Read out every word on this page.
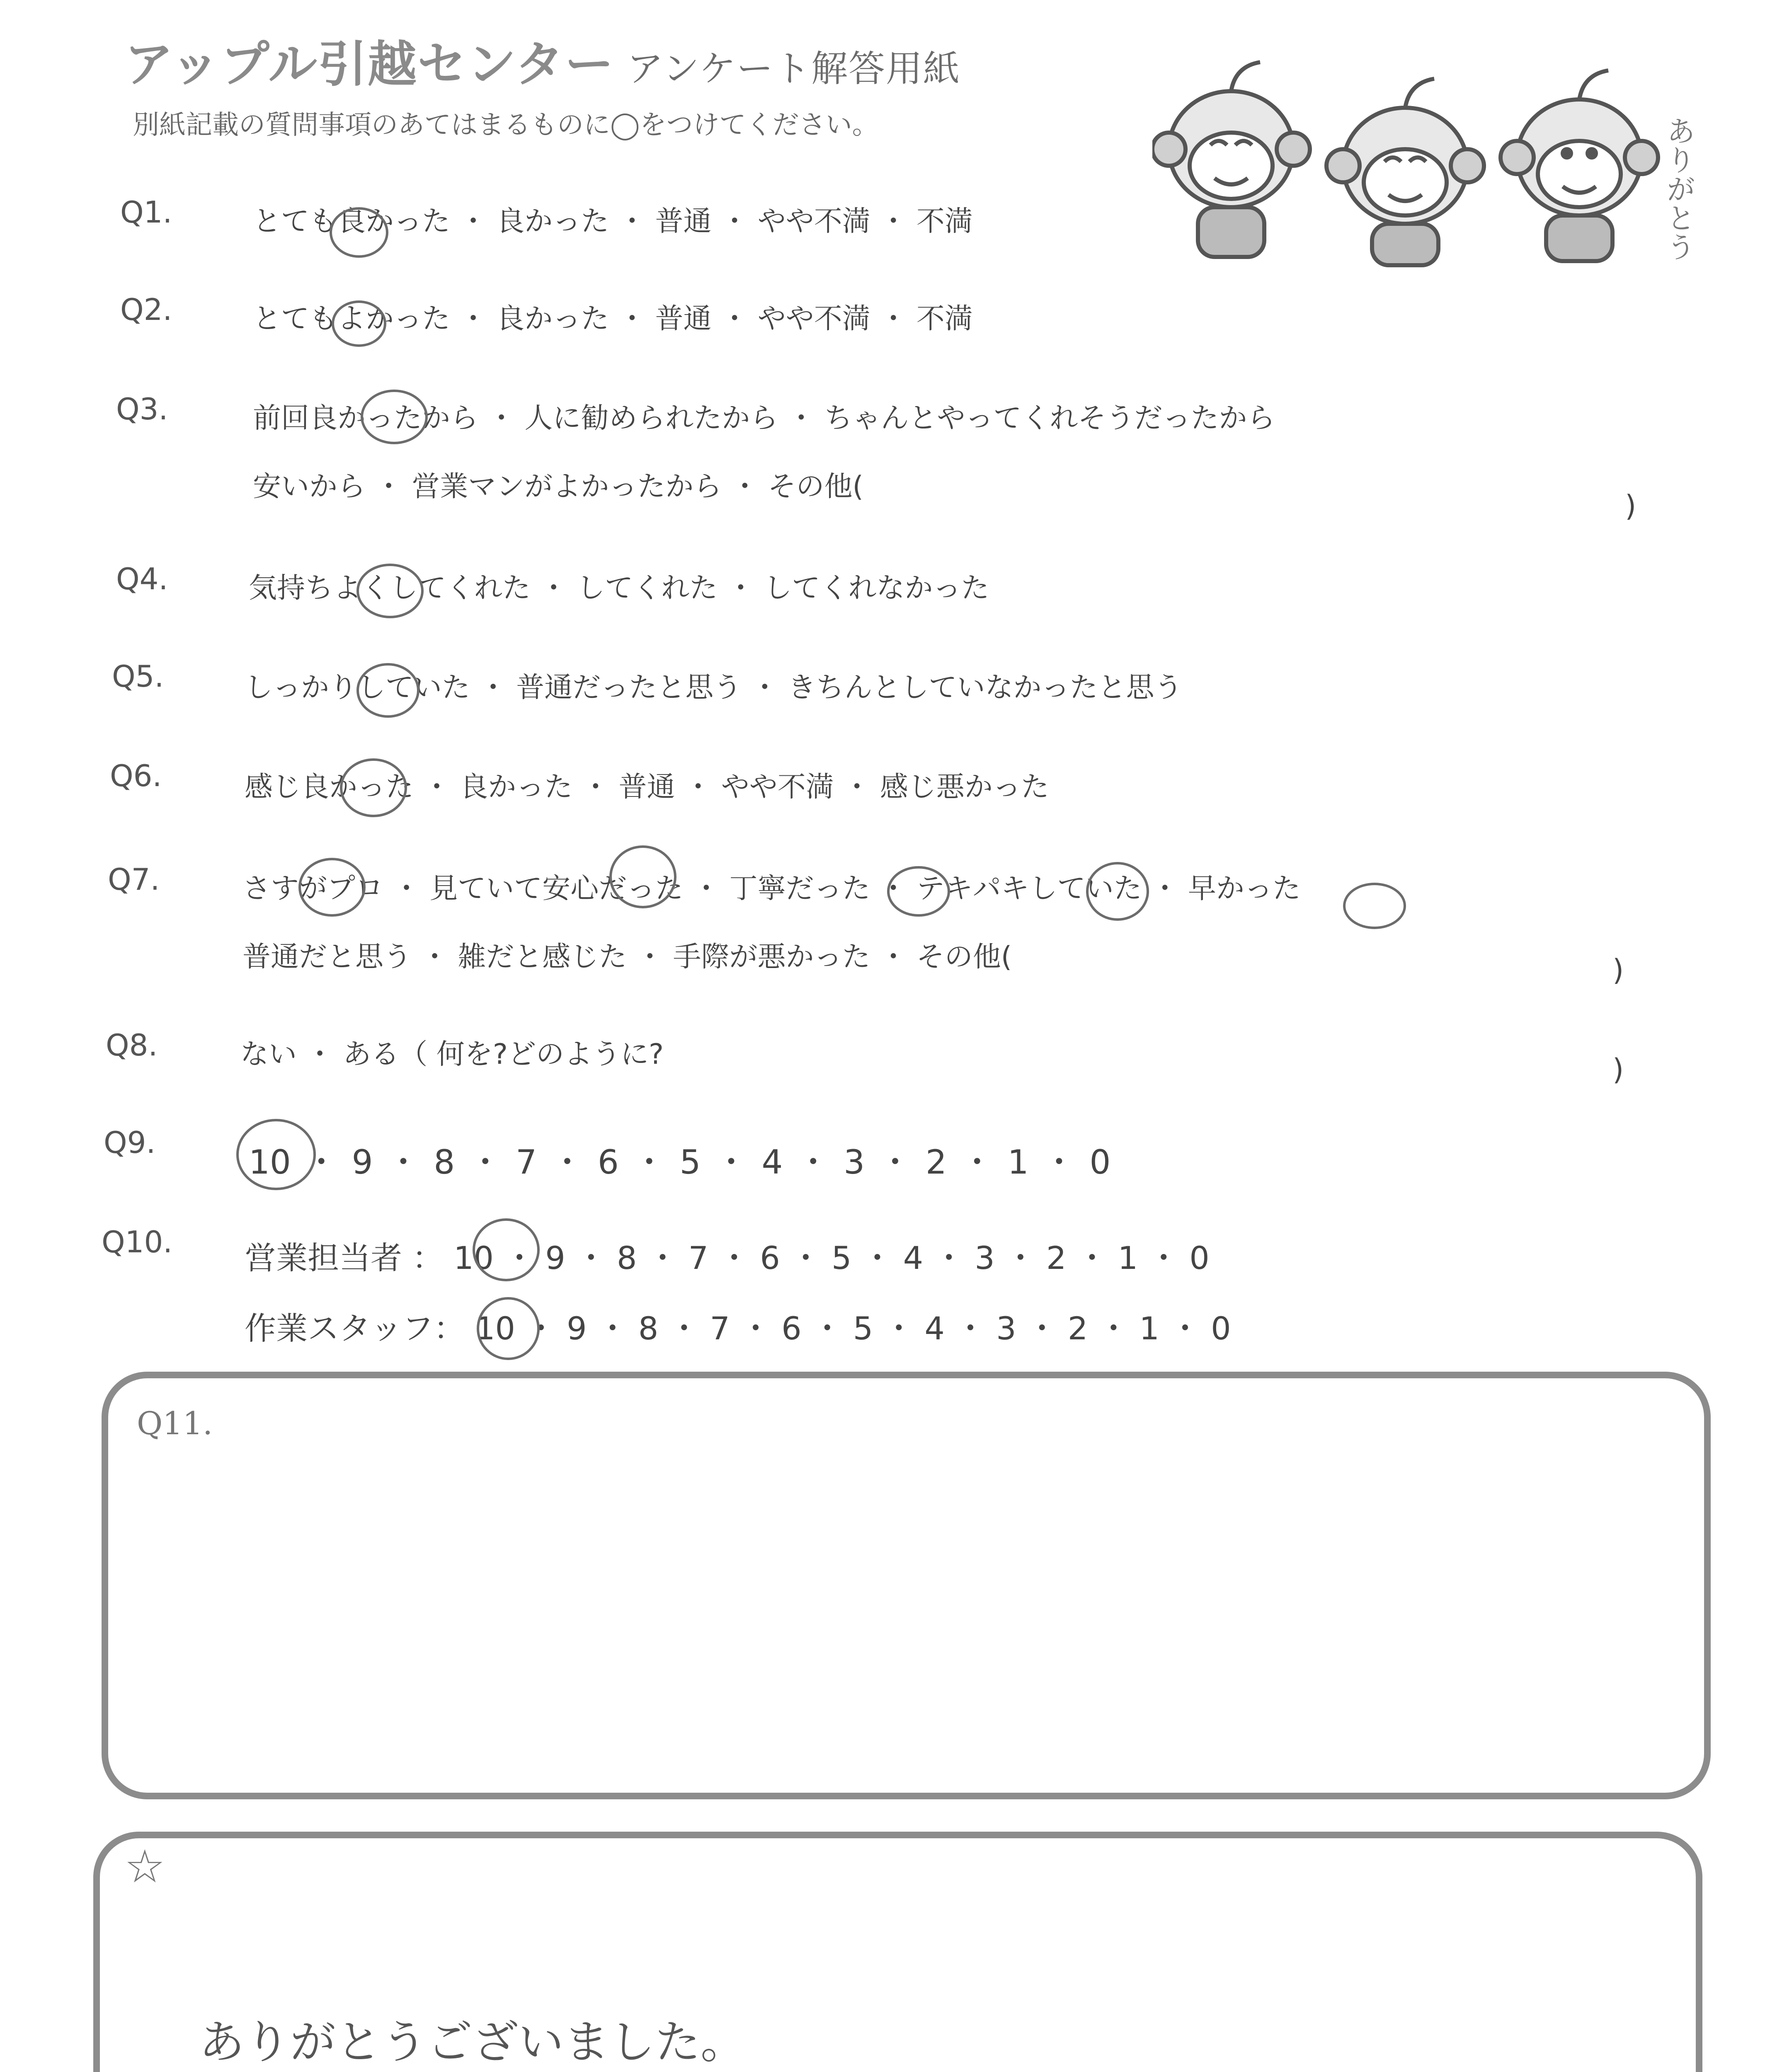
アップル引越センター アンケート解答用紙
別紙記載の質問事項のあてはまるものに◯をつけてください。	ありがとう
Q1.	とても良かった ・ 良かった ・ 普通 ・ やや不満 ・ 不満
Q2.	とてもよかった ・ 良かった ・ 普通 ・ やや不満 ・ 不満
Q3.	前回良かったから ・ 人に勧められたから ・ ちゃんとやってくれそうだったから
安いから ・ 営業マンがよかったから ・ その他(
)
Q4.	気持ちよくしてくれた ・ してくれた ・ してくれなかった
Q5.	しっかりしていた ・ 普通だったと思う ・ きちんとしていなかったと思う
Q6.	感じ良かった ・ 良かった ・ 普通 ・ やや不満 ・ 感じ悪かった
Q7.	さすがプロ ・ 見ていて安心だった ・ 丁寧だった ・ テキパキしていた ・ 早かった
普通だと思う ・ 雑だと感じた ・ 手際が悪かった ・ その他(	)
Q8.	ない ・ ある（ 何を?どのように?	)
Q9.
10 ・ 9 ・ 8 ・ 7 ・ 6 ・ 5 ・ 4 ・ 3 ・ 2 ・ 1 ・ 0
Q10. 営業担当者 ： 10 ・ 9 ・ 8 ・ 7 ・ 6 ・ 5 ・ 4 ・ 3 ・ 2 ・ 1 ・ 0
作業スタッフ： 10 ・ 9 ・ 8 ・ 7 ・ 6 ・ 5 ・ 4 ・ 3 ・ 2 ・ 1 ・ 0
Q11.
☆
ありがとうございました。
